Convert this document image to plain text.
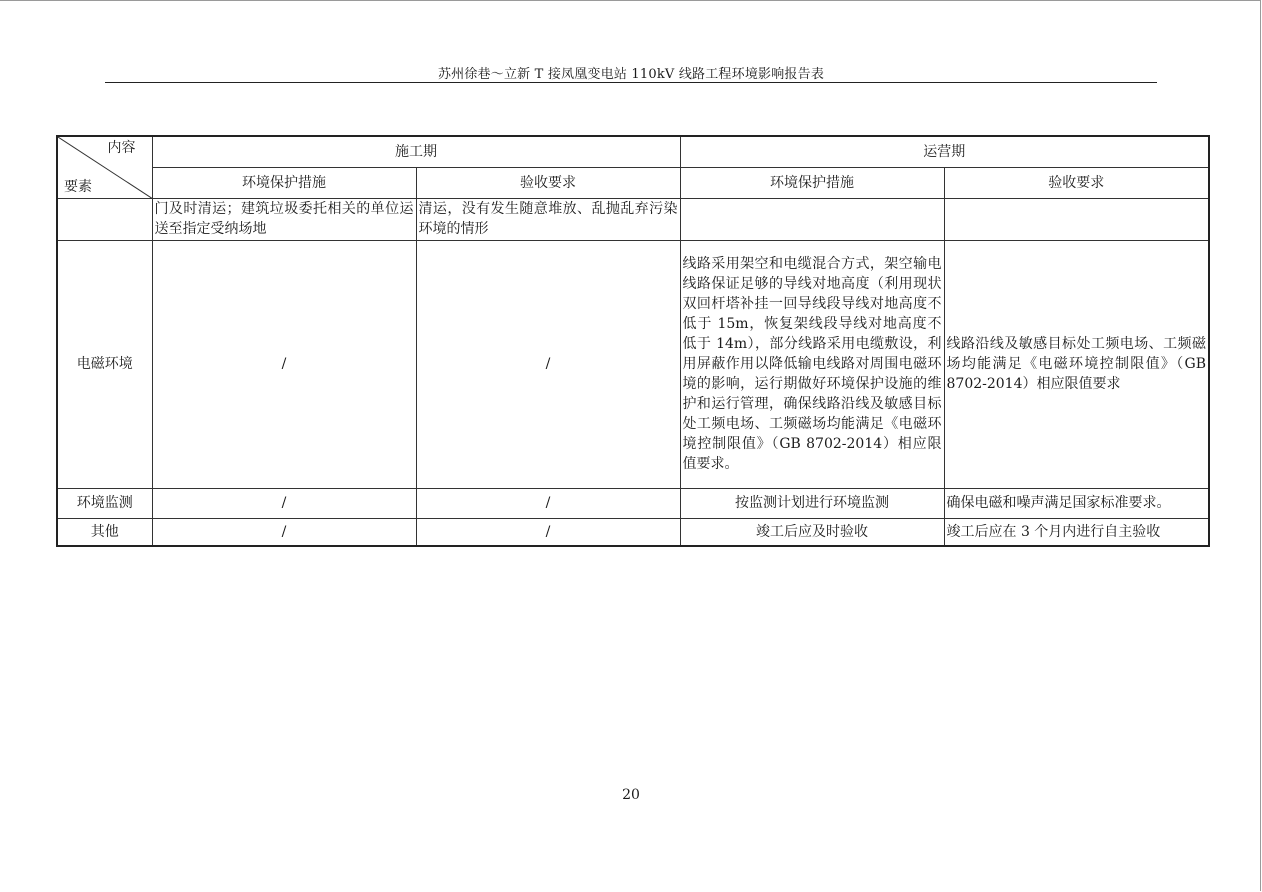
苏州徐巷～立新 T 接凤凰变电站 110kV 线路工程环境影响报告表
内容
要素	施工期		运营期	
	环境保护措施	验收要求	环境保护措施	验收要求
	门及时清运；建筑垃圾委托相关的单位运送至指定受纳场地	清运，没有发生随意堆放、乱抛乱弃污染环境的情形		
电磁环境	/	/	线路采用架空和电缆混合方式，架空输电线路保证足够的导线对地高度（利用现状双回杆塔补挂一回导线段导线对地高度不低于 15m，恢复架线段导线对地高度不低于 14m），部分线路采用电缆敷设，利用屏蔽作用以降低输电线路对周围电磁环境的影响，运行期做好环境保护设施的维护和运行管理，确保线路沿线及敏感目标处工频电场、工频磁场均能满足《电磁环境控制限值》（GB 8702-2014）相应限值要求。	线路沿线及敏感目标处工频电场、工频磁场均能满足《电磁环境控制限值》（GB 8702-2014）相应限值要求
环境监测	/	/	按监测计划进行环境监测	确保电磁和噪声满足国家标准要求。
其他	/	/	竣工后应及时验收	竣工后应在 3 个月内进行自主验收
20
